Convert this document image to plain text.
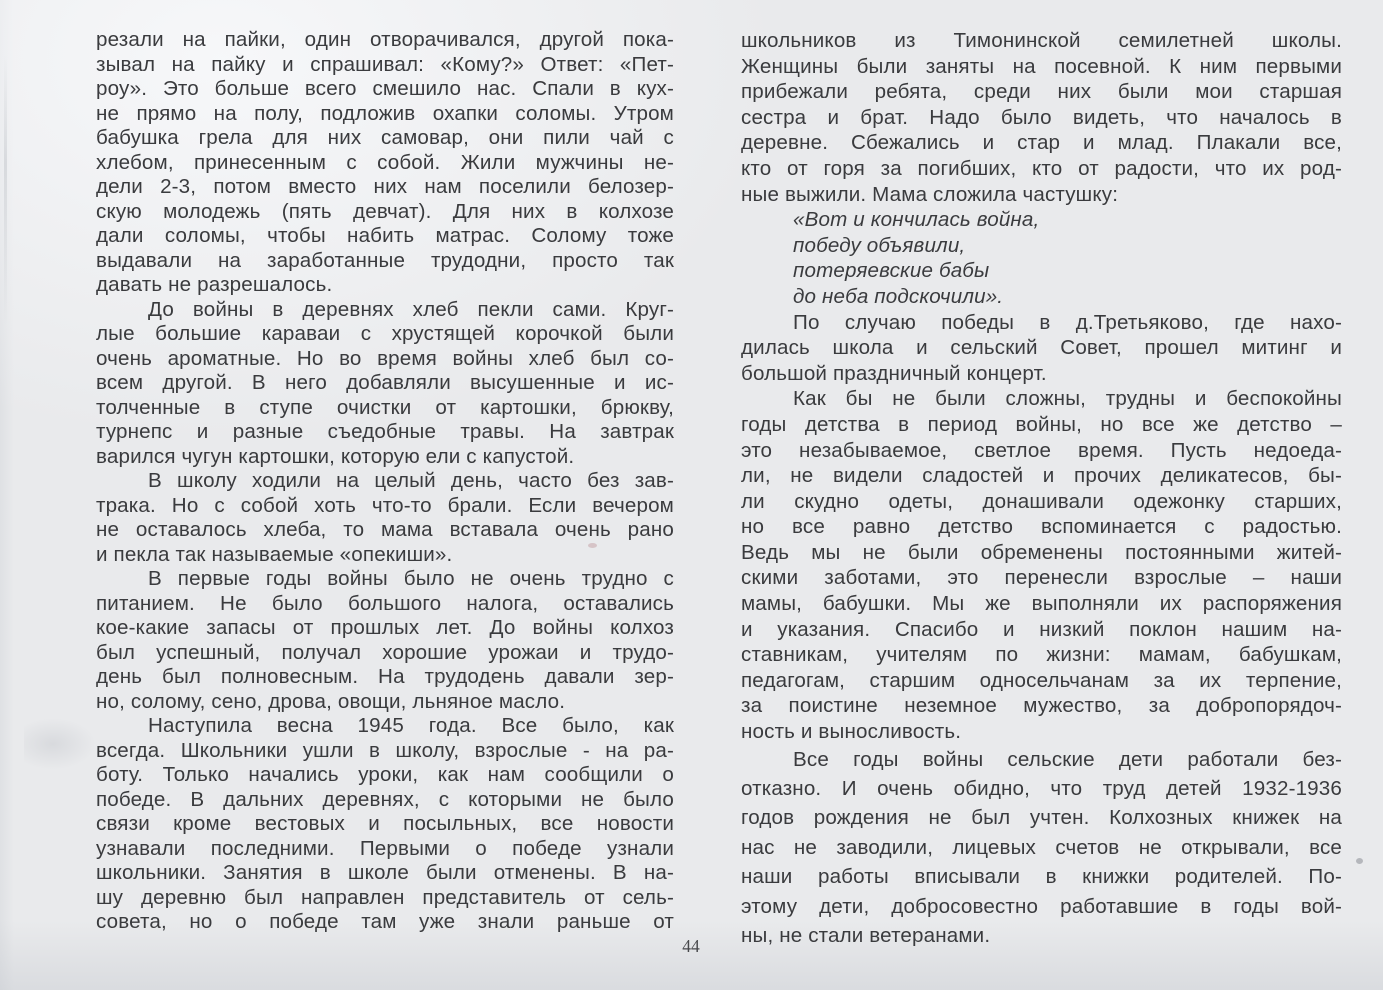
резали на пайки, один отворачивался, другой пока-
зывал на пайку и спрашивал: «Кому?» Ответ: «Пет-
роу». Это больше всего смешило нас. Спали в кух-
не прямо на полу, подложив охапки соломы. Утром
бабушка грела для них самовар, они пили чай с
хлебом, принесенным с собой. Жили мужчины не-
дели 2-3, потом вместо них нам поселили белозер-
скую молодежь (пять девчат). Для них в колхозе
дали соломы, чтобы набить матрас. Солому тоже
выдавали на заработанные трудодни, просто так
давать не разрешалось.
До войны в деревнях хлеб пекли сами. Круг-
лые большие караваи с хрустящей корочкой были
очень ароматные. Но во время войны хлеб был со-
всем другой. В него добавляли высушенные и ис-
толченные в ступе очистки от картошки, брюкву,
турнепс и разные съедобные травы. На завтрак
варился чугун картошки, которую ели с капустой.
В школу ходили на целый день, часто без зав-
трака. Но с собой хоть что-то брали. Если вечером
не оставалось хлеба, то мама вставала очень рано
и пекла так называемые «опекиши».
В первые годы войны было не очень трудно с
питанием. Не было большого налога, оставались
кое-какие запасы от прошлых лет. До войны колхоз
был успешный, получал хорошие урожаи и трудо-
день был полновесным. На трудодень давали зер-
но, солому, сено, дрова, овощи, льняное масло.
Наступила весна 1945 года. Все было, как
всегда. Школьники ушли в школу, взрослые - на ра-
боту. Только начались уроки, как нам сообщили о
победе. В дальних деревнях, с которыми не было
связи кроме вестовых и посыльных, все новости
узнавали последними. Первыми о победе узнали
школьники. Занятия в школе были отменены. В на-
шу деревню был направлен представитель от сель-
совета, но о победе там уже знали раньше от
школьников из Тимонинской семилетней школы.
Женщины были заняты на посевной. К ним первыми
прибежали ребята, среди них были мои старшая
сестра и брат. Надо было видеть, что началось в
деревне. Сбежались и стар и млад. Плакали все,
кто от горя за погибших, кто от радости, что их род-
ные выжили. Мама сложила частушку:
«Вот и кончилась война,
победу объявили,
потеряевские бабы
до неба подскочили».
По случаю победы в д.Третьяково, где нахо-
дилась школа и сельский Совет, прошел митинг и
большой праздничный концерт.
Как бы не были сложны, трудны и беспокойны
годы детства в период войны, но все же детство –
это незабываемое, светлое время. Пусть недоеда-
ли, не видели сладостей и прочих деликатесов, бы-
ли скудно одеты, донашивали одежонку старших,
но все равно детство вспоминается с радостью.
Ведь мы не были обременены постоянными житей-
скими заботами, это перенесли взрослые – наши
мамы, бабушки. Мы же выполняли их распоряжения
и указания. Спасибо и низкий поклон нашим на-
ставникам, учителям по жизни: мамам, бабушкам,
педагогам, старшим односельчанам за их терпение,
за поистине неземное мужество, за добропорядоч-
ность и выносливость.
Все годы войны сельские дети работали без-
отказно. И очень обидно, что труд детей 1932-1936
годов рождения не был учтен. Колхозных книжек на
нас не заводили, лицевых счетов не открывали, все
наши работы вписывали в книжки родителей. По-
этому дети, добросовестно работавшие в годы вой-
ны, не стали ветеранами.
44
